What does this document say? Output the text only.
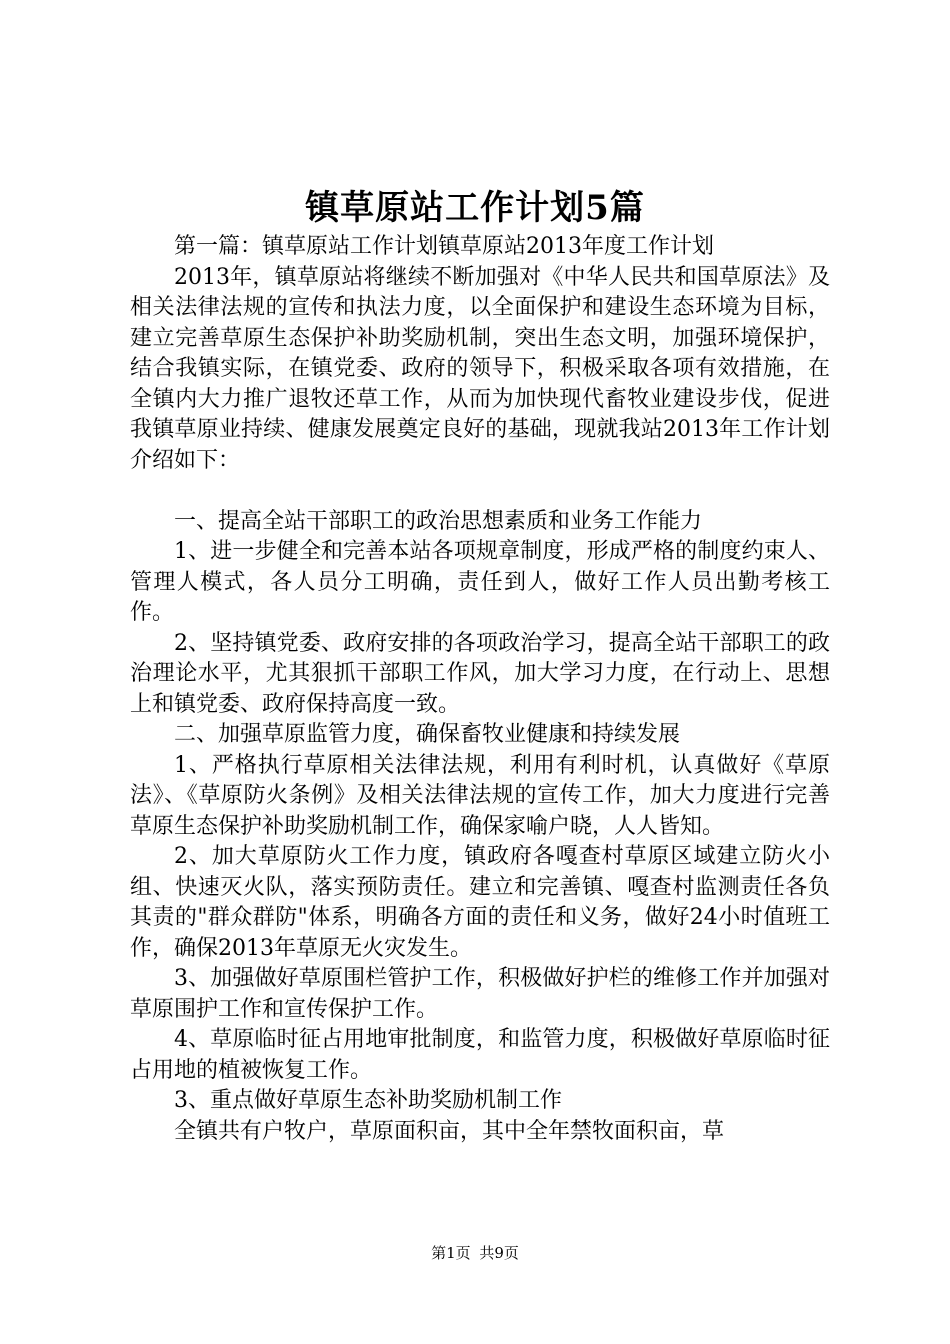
镇草原站工作计划5篇

第一篇：镇草原站工作计划镇草原站2013年度工作计划

2013年，镇草原站将继续不断加强对《中华人民共和国草原法》及相关法律法规的宣传和执法力度，以全面保护和建设生态环境为目标，建立完善草原生态保护补助奖励机制，突出生态文明，加强环境保护，结合我镇实际，在镇党委、政府的领导下，积极采取各项有效措施，在全镇内大力推广退牧还草工作，从而为加快现代畜牧业建设步伐，促进我镇草原业持续、健康发展奠定良好的基础，现就我站2013年工作计划介绍如下：

一、提高全站干部职工的政治思想素质和业务工作能力

1、进一步健全和完善本站各项规章制度，形成严格的制度约束人、管理人模式，各人员分工明确，责任到人，做好工作人员出勤考核工作。

2、坚持镇党委、政府安排的各项政治学习，提高全站干部职工的政治理论水平，尤其狠抓干部职工作风，加大学习力度，在行动上、思想上和镇党委、政府保持高度一致。

二、加强草原监管力度，确保畜牧业健康和持续发展

1、严格执行草原相关法律法规，利用有利时机，认真做好《草原法》、《草原防火条例》及相关法律法规的宣传工作，加大力度进行完善草原生态保护补助奖励机制工作，确保家喻户晓，人人皆知。

2、加大草原防火工作力度，镇政府各嘎查村草原区域建立防火小组、快速灭火队，落实预防责任。建立和完善镇、嘎查村监测责任各负其责的"群众群防"体系，明确各方面的责任和义务，做好24小时值班工作，确保2013年草原无火灾发生。

3、加强做好草原围栏管护工作，积极做好护栏的维修工作并加强对草原围护工作和宣传保护工作。

4、草原临时征占用地审批制度，和监管力度，积极做好草原临时征占用地的植被恢复工作。

3、重点做好草原生态补助奖励机制工作

全镇共有户牧户，草原面积亩，其中全年禁牧面积亩，草

第1页 共9页
